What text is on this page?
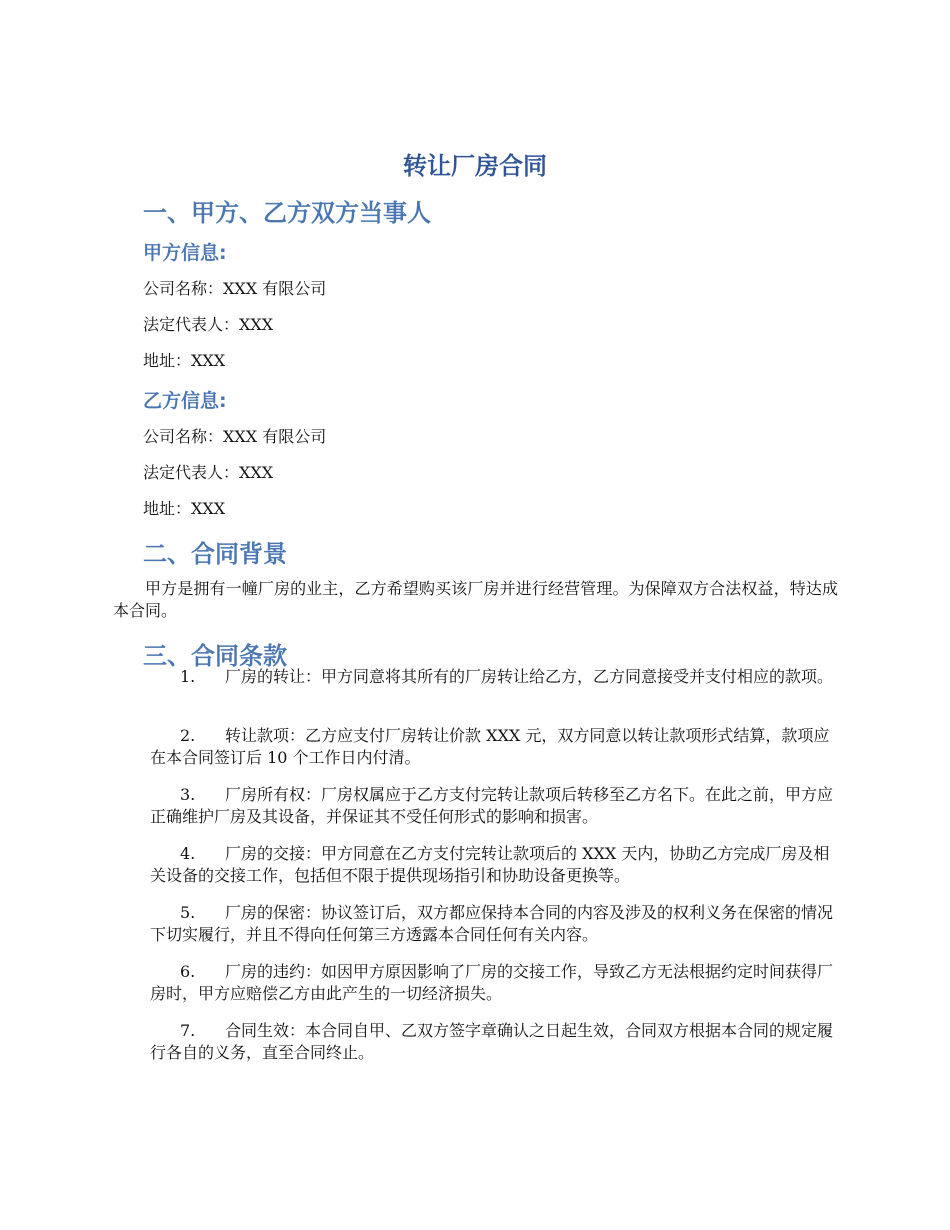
转让厂房合同
一、甲方、乙方双方当事人
甲方信息:
公司名称：XXX 有限公司
法定代表人：XXX
地址：XXX
乙方信息:
公司名称：XXX 有限公司
法定代表人：XXX
地址：XXX
二、合同背景
甲方是拥有一幢厂房的业主，乙方希望购买该厂房并进行经营管理。为保障双方合法权益，特达成本合同。
三、合同条款
1. 厂房的转让：甲方同意将其所有的厂房转让给乙方，乙方同意接受并支付相应的款项。
2. 转让款项：乙方应支付厂房转让价款 XXX 元，双方同意以转让款项形式结算，款项应在本合同签订后 10 个工作日内付清。
3. 厂房所有权：厂房权属应于乙方支付完转让款项后转移至乙方名下。在此之前，甲方应正确维护厂房及其设备，并保证其不受任何形式的影响和损害。
4. 厂房的交接：甲方同意在乙方支付完转让款项后的 XXX 天内，协助乙方完成厂房及相关设备的交接工作，包括但不限于提供现场指引和协助设备更换等。
5. 厂房的保密：协议签订后，双方都应保持本合同的内容及涉及的权利义务在保密的情况下切实履行，并且不得向任何第三方透露本合同任何有关内容。
6. 厂房的违约：如因甲方原因影响了厂房的交接工作，导致乙方无法根据约定时间获得厂房时，甲方应赔偿乙方由此产生的一切经济损失。
7. 合同生效：本合同自甲、乙双方签字章确认之日起生效，合同双方根据本合同的规定履行各自的义务，直至合同终止。
